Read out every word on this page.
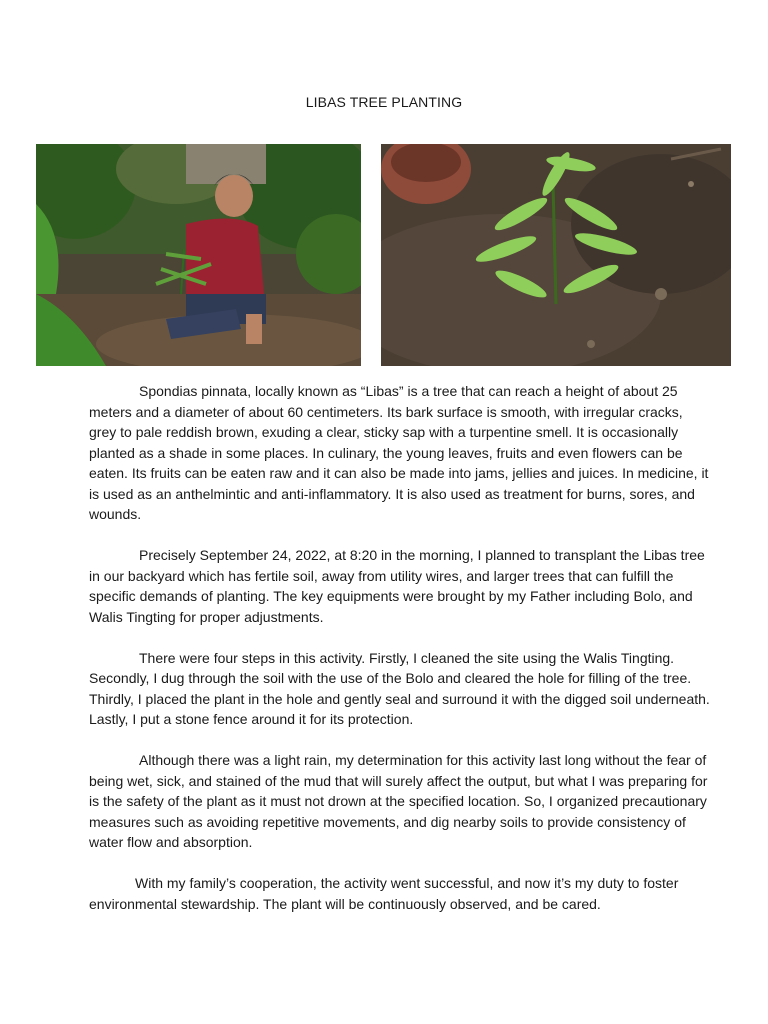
LIBAS TREE PLANTING

Spondias pinnata, locally known as “Libas” is a tree that can reach a height of about 25 meters and a diameter of about 60 centimeters. Its bark surface is smooth, with irregular cracks, grey to pale reddish brown, exuding a clear, sticky sap with a turpentine smell. It is occasionally planted as a shade in some places. In culinary, the young leaves, fruits and even flowers can be eaten. Its fruits can be eaten raw and it can also be made into jams, jellies and juices. In medicine, it is used as an anthelmintic and anti-inflammatory. It is also used as treatment for burns, sores, and wounds.

Precisely September 24, 2022, at 8:20 in the morning, I planned to transplant the Libas tree in our backyard which has fertile soil, away from utility wires, and larger trees that can fulfill the specific demands of planting. The key equipments were brought by my Father including Bolo, and Walis Tingting for proper adjustments.

There were four steps in this activity. Firstly, I cleaned the site using the Walis Tingting. Secondly, I dug through the soil with the use of the Bolo and cleared the hole for filling of the tree. Thirdly, I placed the plant in the hole and gently seal and surround it with the digged soil underneath. Lastly, I put a stone fence around it for its protection.

Although there was a light rain, my determination for this activity last long without the fear of being wet, sick, and stained of the mud that will surely affect the output, but what I was preparing for is the safety of the plant as it must not drown at the specified location. So, I organized precautionary measures such as avoiding repetitive movements, and dig nearby soils to provide consistency of water flow and absorption.

With my family’s cooperation, the activity went successful, and now it’s my duty to foster environmental stewardship. The plant will be continuously observed, and be cared.
